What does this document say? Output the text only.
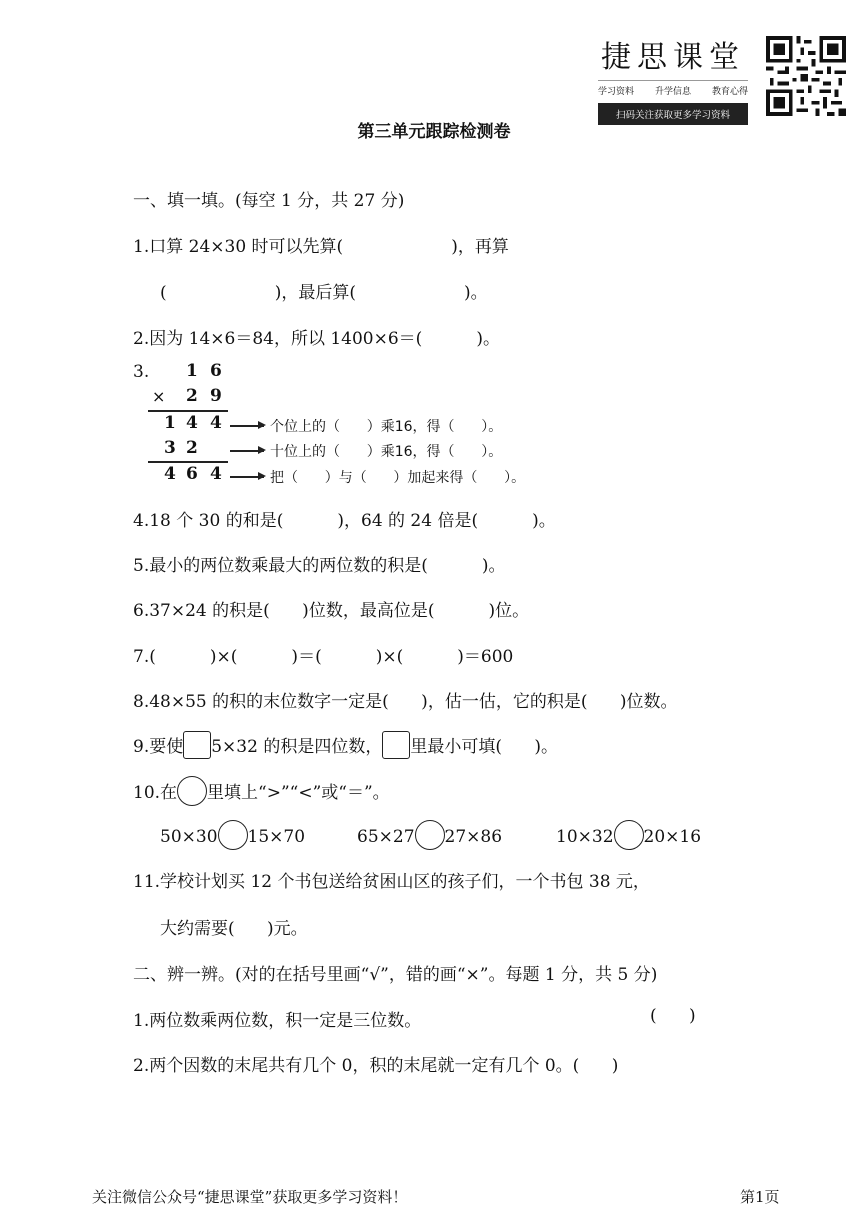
捷思课堂
学习资料 升学信息 教育心得
扫码关注获取更多学习资料
第三单元跟踪检测卷
一、填一填。(每空 1 分，共 27 分)
1.口算 24×30 时可以先算(                    )，再算
(                    )，最后算(                    )。
2.因为 14×6＝84，所以 1400×6＝(          )。
3. 1 6
× 2 9
1 4 4
3 2
4 6 4
个位上的（      ）乘16，得（      ）。
十位上的（      ）乘16，得（      ）。
把（      ）与（      ）加起来得（      ）。
4.18 个 30 的和是(          )，64 的 24 倍是(          )。
5.最小的两位数乘最大的两位数的积是(          )。
6.37×24 的积是(      )位数，最高位是(          )位。
7.(          )×(          )＝(          )×(          )＝600
8.48×55 的积的末位数字一定是(      )，估一估，它的积是(      )位数。
9.要使 5×32 的积是四位数， 里最小可填(      )。
10.在 里填上“>”“<”或“＝”。
50×30 15×70	65×27 27×86	10×32 20×16
11.学校计划买 12 个书包送给贫困山区的孩子们，一个书包 38 元，
大约需要(      )元。
二、辨一辨。(对的在括号里画“√”，错的画“×”。每题 1 分，共 5 分)
1.两位数乘两位数，积一定是三位数。	(      )
2.两个因数的末尾共有几个 0，积的末尾就一定有几个 0。(      )
关注微信公众号“捷思课堂”获取更多学习资料！	第1页
